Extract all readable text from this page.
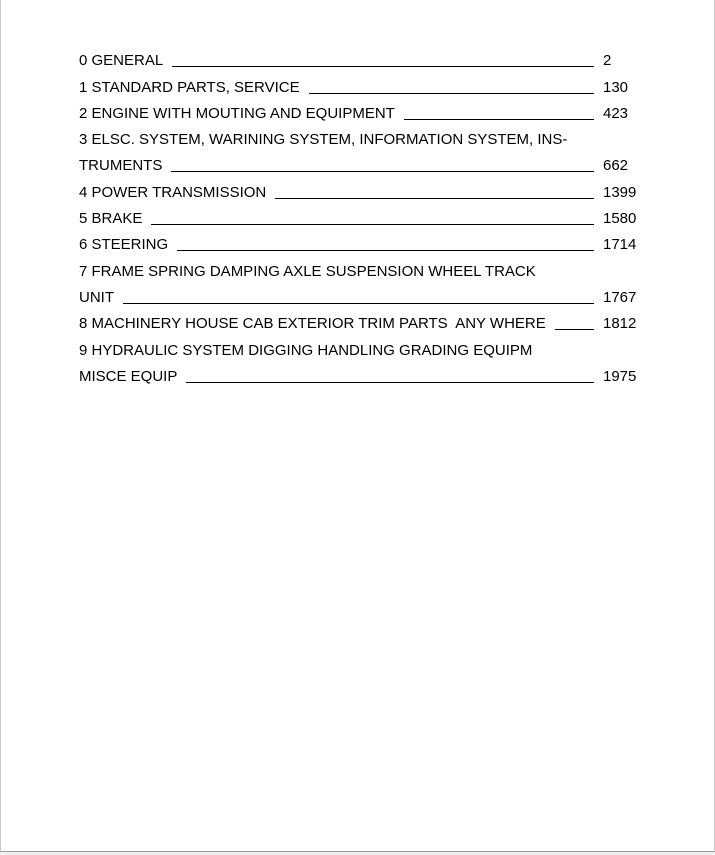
0 GENERAL	2
1 STANDARD PARTS, SERVICE	130
2 ENGINE WITH MOUTING AND EQUIPMENT	423
3 ELSC. SYSTEM, WARINING SYSTEM, INFORMATION SYSTEM, INS-
TRUMENTS	662
4 POWER TRANSMISSION	1399
5 BRAKE	1580
6 STEERING	1714
7 FRAME SPRING DAMPING AXLE SUSPENSION WHEEL TRACK
UNIT	1767
8 MACHINERY HOUSE CAB EXTERIOR TRIM PARTS  ANY WHERE	1812
9 HYDRAULIC SYSTEM DIGGING HANDLING GRADING EQUIPM
MISCE EQUIP	1975
